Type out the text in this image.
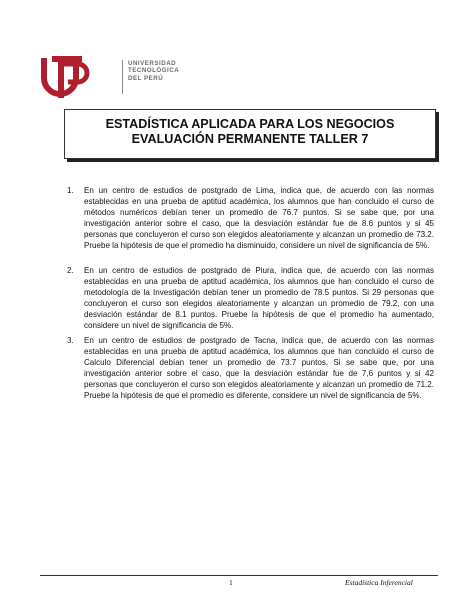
UNIVERSIDAD
TECNOLÓGICA
DEL PERÚ
ESTADÍSTICA APLICADA PARA LOS NEGOCIOS
EVALUACIÓN PERMANENTE TALLER 7
1. En un centro de estudios de postgrado de Lima, indica que, de acuerdo con las normas establecidas en una prueba de aptitud académica, los alumnos que han concluido el curso de métodos numéricos debían tener un promedio de 76.7 puntos. Si se sabe que, por una investigación anterior sobre el caso, que la desviación estándar fue de 8.6 puntos y si 45 personas que concluyeron el curso son elegidos aleatoriamente y alcanzan un promedio de 73.2. Pruebe la hipótesis de que el promedio ha disminuido, considere un nivel de significancia de 5%.
2. En un centro de estudios de postgrado de Piura, indica que, de acuerdo con las normas establecidas en una prueba de aptitud académica, los alumnos que han concluido el curso de metodología de la Investigación debían tener un promedio de 78.5 puntos. Si 29 personas que concluyeron el curso son elegidos aleatoriamente y alcanzan un promedio de 79.2, con una desviación estándar de 8.1 puntos. Pruebe la hipótesis de que el promedio ha aumentado, considere un nivel de significancia de 5%.
3. En un centro de estudios de postgrado de Tacna, indica que, de acuerdo con las normas establecidas en una prueba de aptitud académica, los alumnos que han concluido el curso de Calculo Diferencial debían tener un promedio de 73.7 puntos. Si se sabe que, por una investigación anterior sobre el caso, que la desviación estándar fue de 7,6 puntos y si 42 personas que concluyeron el curso son elegidos aleatoriamente y alcanzan un promedio de 71.2. Pruebe la hipótesis de que el promedio es diferente, considere un nivel de significancia de 5%.
1	Estadística Inferencial
